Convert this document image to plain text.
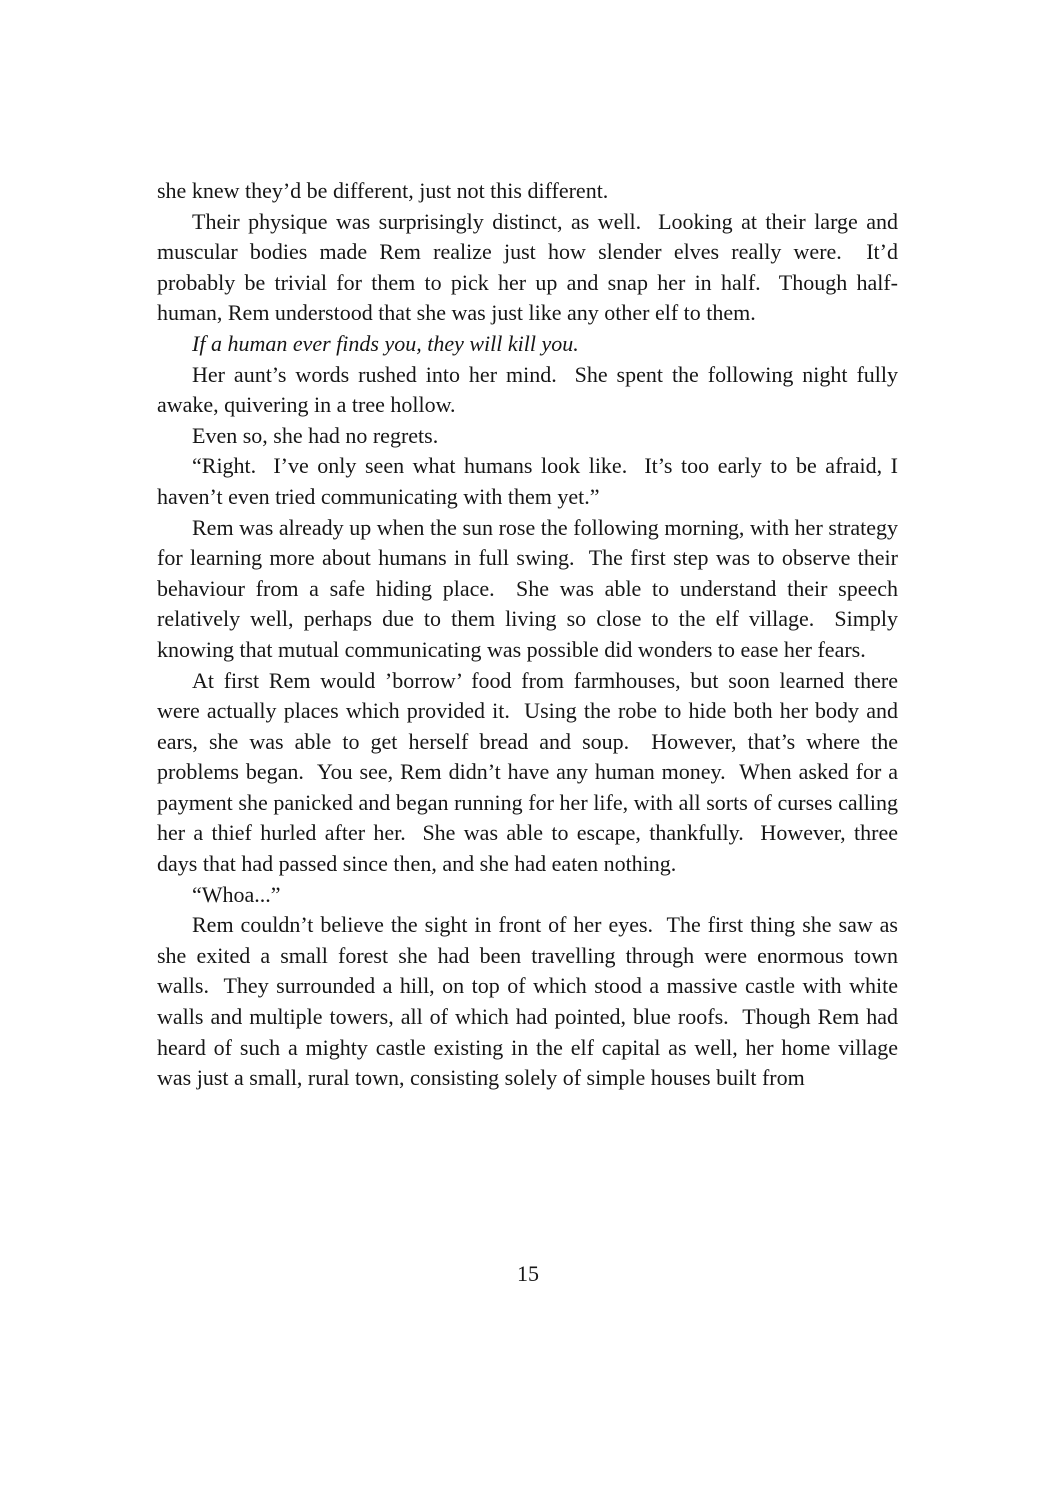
she knew they’d be different, just not this different.

Their physique was surprisingly distinct, as well.  Looking at their large and muscular bodies made Rem realize just how slender elves really were.  It’d probably be trivial for them to pick her up and snap her in half.  Though half-human, Rem understood that she was just like any other elf to them.

If a human ever finds you, they will kill you.

Her aunt’s words rushed into her mind.  She spent the following night fully awake, quivering in a tree hollow.

Even so, she had no regrets.

“Right.  I’ve only seen what humans look like.  It’s too early to be afraid, I haven’t even tried communicating with them yet.”

Rem was already up when the sun rose the following morning, with her strategy for learning more about humans in full swing.  The first step was to observe their behaviour from a safe hiding place.  She was able to understand their speech relatively well, perhaps due to them living so close to the elf village.  Simply knowing that mutual communicating was possible did wonders to ease her fears.

At first Rem would ’borrow’ food from farmhouses, but soon learned there were actually places which provided it.  Using the robe to hide both her body and ears, she was able to get herself bread and soup.  However, that’s where the problems began.  You see, Rem didn’t have any human money.  When asked for a payment she panicked and began running for her life, with all sorts of curses calling her a thief hurled after her.  She was able to escape, thankfully.  However, three days that had passed since then, and she had eaten nothing.

“Whoa...”

Rem couldn’t believe the sight in front of her eyes.  The first thing she saw as she exited a small forest she had been travelling through were enormous town walls.  They surrounded a hill, on top of which stood a massive castle with white walls and multiple towers, all of which had pointed, blue roofs.  Though Rem had heard of such a mighty castle existing in the elf capital as well, her home village was just a small, rural town, consisting solely of simple houses built from

15
